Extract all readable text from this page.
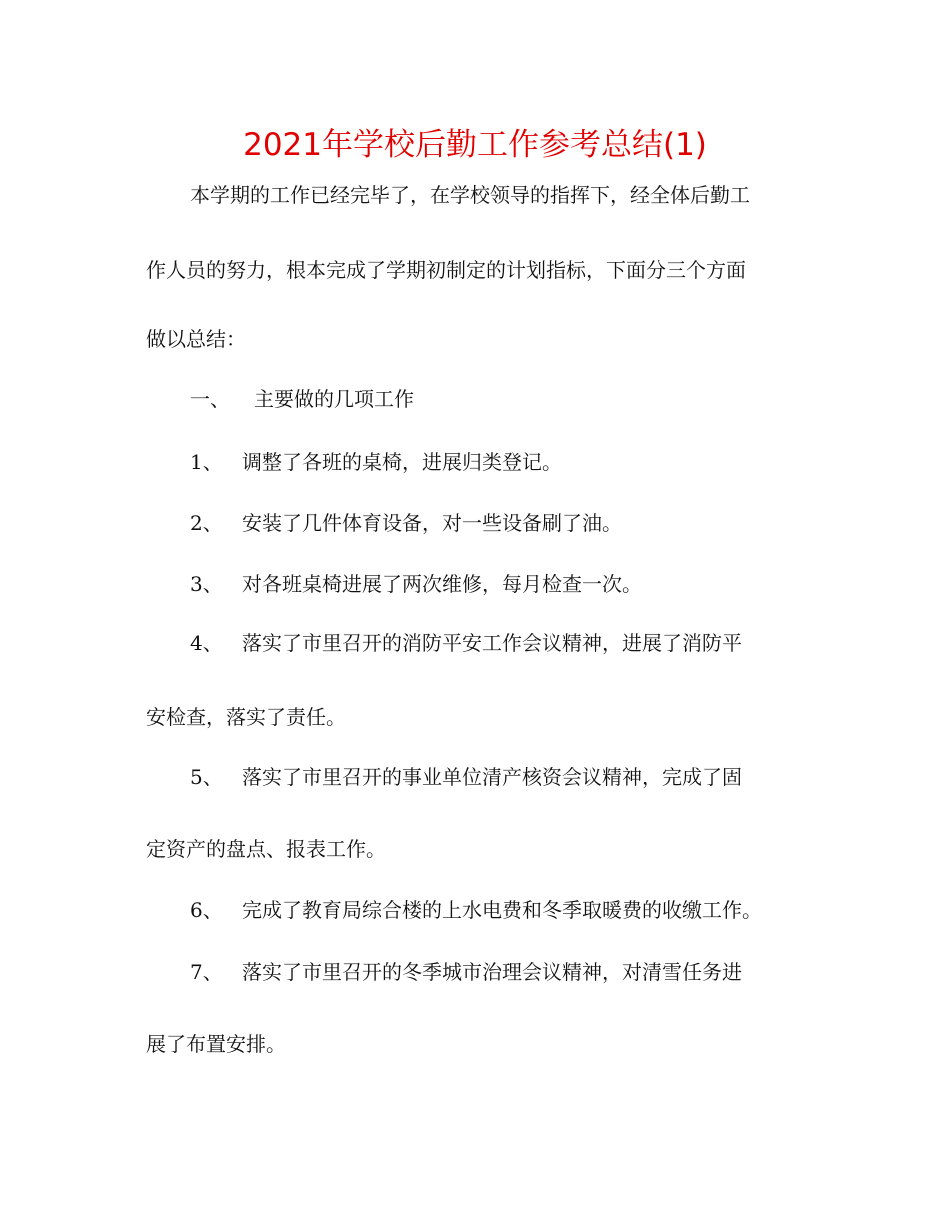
2021年学校后勤工作参考总结(1)
本学期的工作已经完毕了，在学校领导的指挥下，经全体后勤工
作人员的努力，根本完成了学期初制定的计划指标，下面分三个方面
做以总结：
一、 主要做的几项工作
1、 调整了各班的桌椅，进展归类登记。
2、 安装了几件体育设备，对一些设备刷了油。
3、 对各班桌椅进展了两次维修，每月检查一次。
4、 落实了市里召开的消防平安工作会议精神，进展了消防平
安检查，落实了责任。
5、 落实了市里召开的事业单位清产核资会议精神，完成了固
定资产的盘点、报表工作。
6、 完成了教育局综合楼的上水电费和冬季取暖费的收缴工作。
7、 落实了市里召开的冬季城市治理会议精神，对清雪任务进
展了布置安排。
